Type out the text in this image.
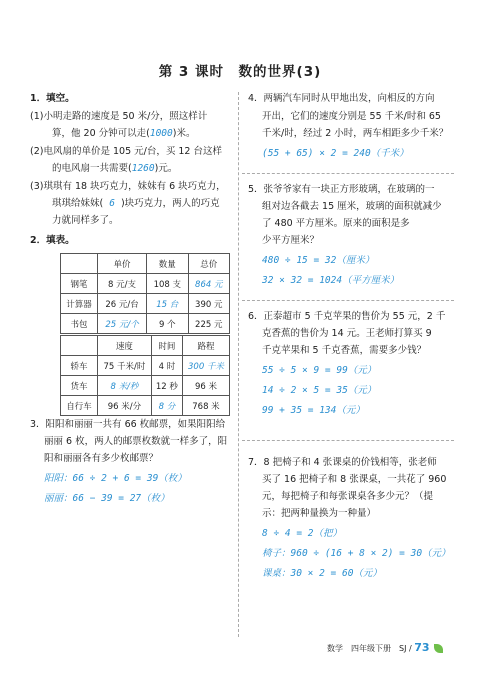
第 3 课时　数的世界(3)
1．填空。
(1)小明走路的速度是 50 米/分，照这样计
算，他 20 分钟可以走(1000)米。
(2)电风扇的单价是 105 元/台，买 12 台这样
的电风扇一共需要(1260)元。
(3)琪琪有 18 块巧克力，妹妹有 6 块巧克力，
琪琪给妹妹( 6 )块巧克力，两人的巧克
力就同样多了。
2．填表。
	单价	数量	总价
钢笔	8 元/支	108 支	864 元
计算器	26 元/台	15 台	390 元
书包	25 元/个	9 个	225 元
	速度	时间	路程
轿车	75 千米/时	4 时	300 千米
货车	8 米/秒	12 秒	96 米
自行车	96 米/分	8 分	768 米
3．阳阳和丽丽一共有 66 枚邮票，如果阳阳给
丽丽 6 枚，两人的邮票枚数就一样多了，阳
阳和丽丽各有多少枚邮票？
阳阳：66 ÷ 2 + 6 = 39（枚）
丽丽：66 − 39 = 27（枚）
4．两辆汽车同时从甲地出发，向相反的方向
开出，它们的速度分别是 55 千米/时和 65
千米/时，经过 2 小时，两车相距多少千米？
(55 + 65) × 2 = 240（千米）
5．张爷爷家有一块正方形玻璃，在玻璃的一
组对边各截去 15 厘米，玻璃的面积就减少
了 480 平方厘米。原来的面积是多
少平方厘米？
480 ÷ 15 = 32（厘米）
32 × 32 = 1024（平方厘米）
6．正泰超市 5 千克苹果的售价为 55 元，2 千
克香蕉的售价为 14 元。王老师打算买 9
千克苹果和 5 千克香蕉，需要多少钱？
55 ÷ 5 × 9 = 99（元）
14 ÷ 2 × 5 = 35（元）
99 + 35 = 134（元）
7．8 把椅子和 4 张课桌的价钱相等，张老师
买了 16 把椅子和 8 张课桌，一共花了 960
元，每把椅子和每张课桌各多少元？（提
示：把两种量换为一种量）
8 ÷ 4 = 2（把）
椅子：960 ÷ (16 + 8 × 2) = 30（元）
课桌：30 × 2 = 60（元）
数学　四年级下册　SJ / 73
